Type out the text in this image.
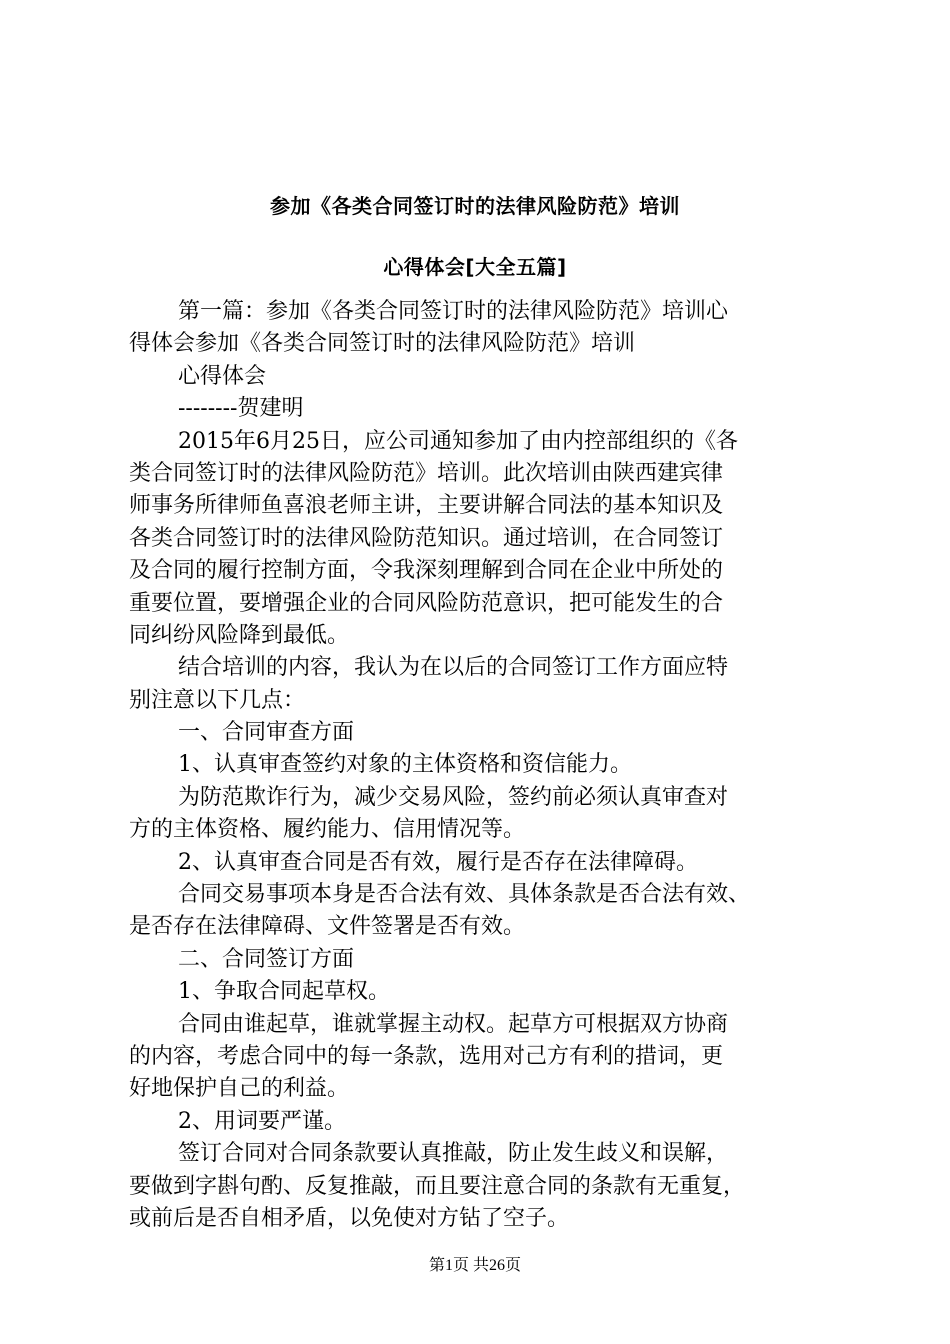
参加《各类合同签订时的法律风险防范》培训
心得体会[大全五篇]
第一篇：参加《各类合同签订时的法律风险防范》培训心
得体会参加《各类合同签订时的法律风险防范》培训
心得体会
--------贺建明
2015年6月25日，应公司通知参加了由内控部组织的《各
类合同签订时的法律风险防范》培训。此次培训由陕西建宾律
师事务所律师鱼喜浪老师主讲，主要讲解合同法的基本知识及
各类合同签订时的法律风险防范知识。通过培训，在合同签订
及合同的履行控制方面，令我深刻理解到合同在企业中所处的
重要位置，要增强企业的合同风险防范意识，把可能发生的合
同纠纷风险降到最低。
结合培训的内容，我认为在以后的合同签订工作方面应特
别注意以下几点：
一、合同审查方面
1、认真审查签约对象的主体资格和资信能力。
为防范欺诈行为，减少交易风险，签约前必须认真审查对
方的主体资格、履约能力、信用情况等。
2、认真审查合同是否有效，履行是否存在法律障碍。
合同交易事项本身是否合法有效、具体条款是否合法有效、
是否存在法律障碍、文件签署是否有效。
二、合同签订方面
1、争取合同起草权。
合同由谁起草，谁就掌握主动权。起草方可根据双方协商
的内容，考虑合同中的每一条款，选用对己方有利的措词，更
好地保护自己的利益。
2、用词要严谨。
签订合同对合同条款要认真推敲，防止发生歧义和误解，
要做到字斟句酌、反复推敲，而且要注意合同的条款有无重复，
或前后是否自相矛盾，以免使对方钻了空子。
第1页 共26页
